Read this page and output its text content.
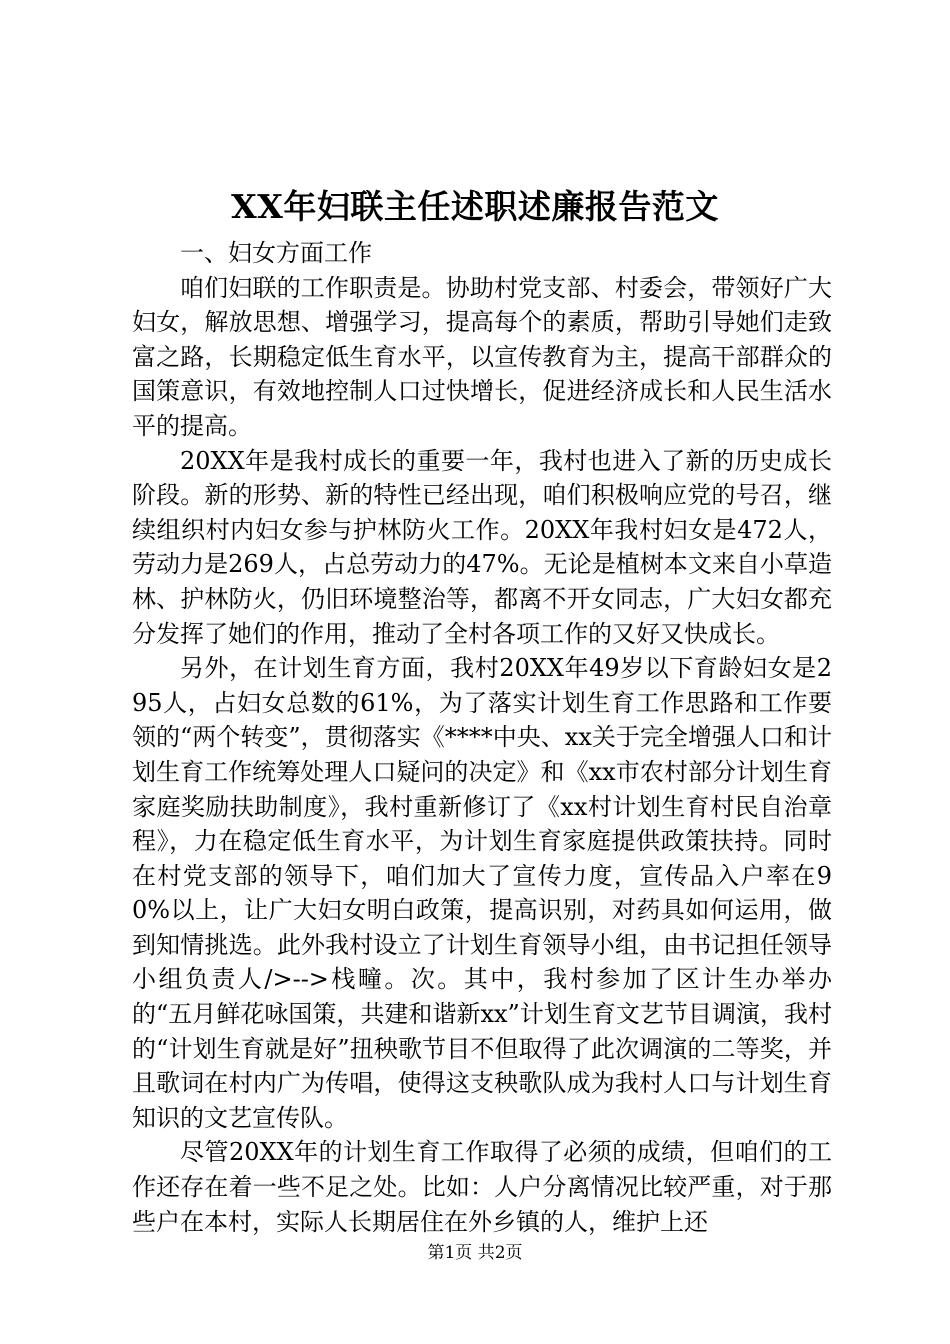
XX年妇联主任述职述廉报告范文

一、妇女方面工作

咱们妇联的工作职责是。协助村党支部、村委会，带领好广大妇女，解放思想、增强学习，提高每个的素质，帮助引导她们走致富之路，长期稳定低生育水平，以宣传教育为主，提高干部群众的国策意识，有效地控制人口过快增长，促进经济成长和人民生活水平的提高。

20XX年是我村成长的重要一年，我村也进入了新的历史成长阶段。新的形势、新的特性已经出现，咱们积极响应党的号召，继续组织村内妇女参与护林防火工作。20XX年我村妇女是472人，劳动力是269人，占总劳动力的47%。无论是植树本文来自小草造林、护林防火，仍旧环境整治等，都离不开女同志，广大妇女都充分发挥了她们的作用，推动了全村各项工作的又好又快成长。

另外，在计划生育方面，我村20XX年49岁以下育龄妇女是295人，占妇女总数的61%，为了落实计划生育工作思路和工作要领的“两个转变”，贯彻落实《****中央、xx关于完全增强人口和计划生育工作统筹处理人口疑问的决定》和《xx市农村部分计划生育家庭奖励扶助制度》，我村重新修订了《xx村计划生育村民自治章程》，力在稳定低生育水平，为计划生育家庭提供政策扶持。同时在村党支部的领导下，咱们加大了宣传力度，宣传品入户率在90%以上，让广大妇女明白政策，提高识别，对药具如何运用，做到知情挑选。此外我村设立了计划生育领导小组，由书记担任领导小组负责人/>-->栈疃。次。其中，我村参加了区计生办举办的“五月鲜花咏国策，共建和谐新xx”计划生育文艺节目调演，我村的“计划生育就是好”扭秧歌节目不但取得了此次调演的二等奖，并且歌词在村内广为传唱，使得这支秧歌队成为我村人口与计划生育知识的文艺宣传队。

尽管20XX年的计划生育工作取得了必须的成绩，但咱们的工作还存在着一些不足之处。比如：人户分离情况比较严重，对于那些户在本村，实际人长期居住在外乡镇的人，维护上还

第1页 共2页
